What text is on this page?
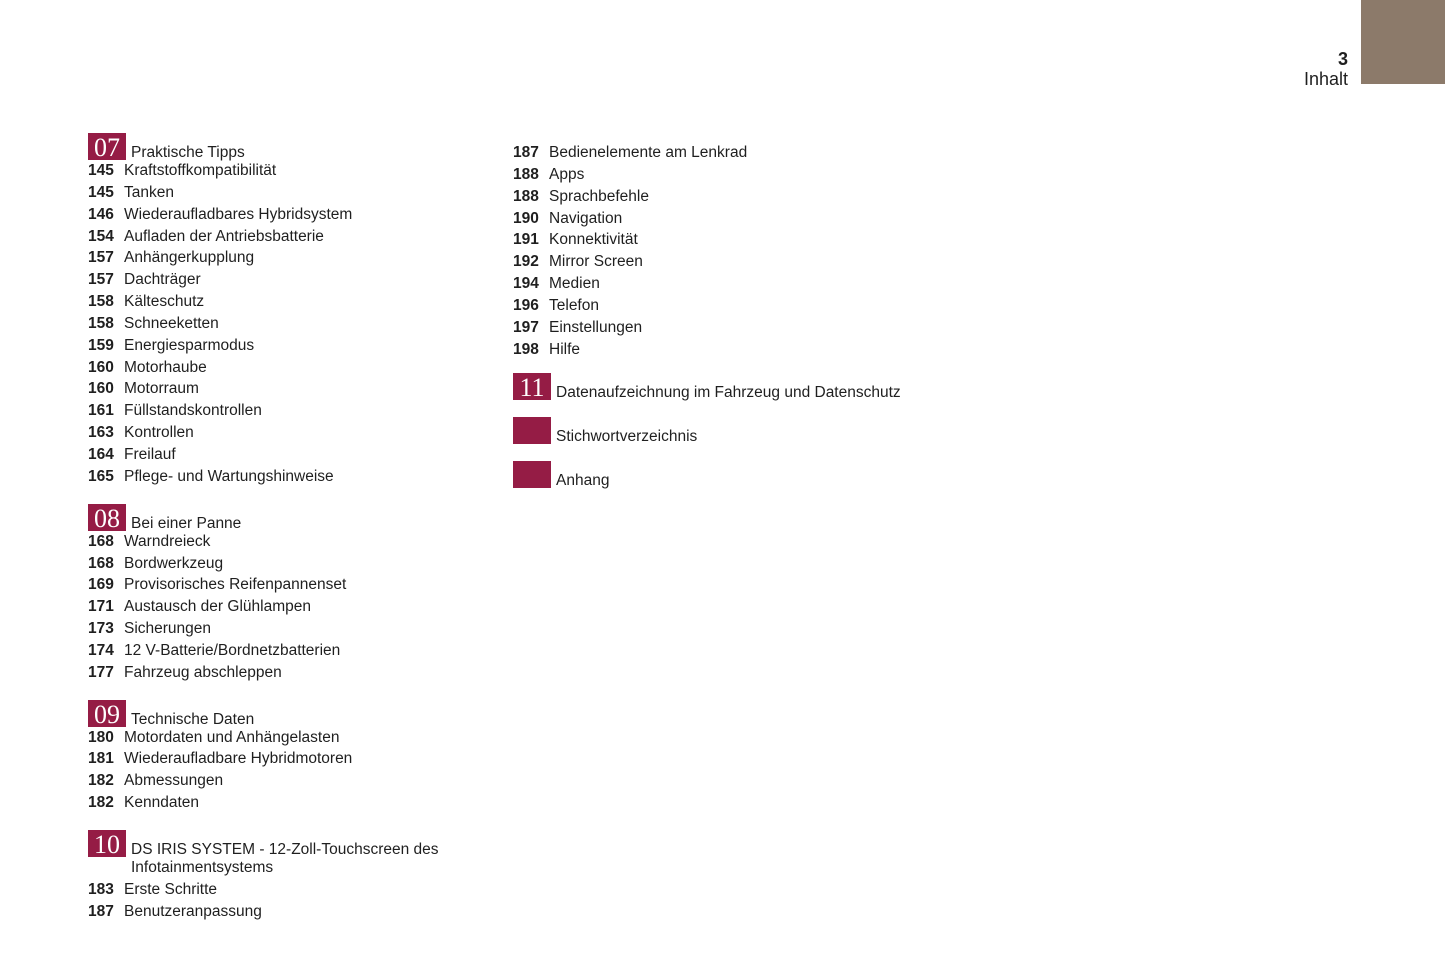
3
Inhalt
07 Praktische Tipps
145 Kraftstoffkompatibilität
145 Tanken
146 Wiederaufladbares Hybridsystem
154 Aufladen der Antriebsbatterie
157 Anhängerkupplung
157 Dachträger
158 Kälteschutz
158 Schneeketten
159 Energiesparmodus
160 Motorhaube
160 Motorraum
161 Füllstandskontrollen
163 Kontrollen
164 Freilauf
165 Pflege- und Wartungshinweise
08 Bei einer Panne
168 Warndreieck
168 Bordwerkzeug
169 Provisorisches Reifenpannenset
171 Austausch der Glühlampen
173 Sicherungen
174 12 V-Batterie/Bordnetzbatterien
177 Fahrzeug abschleppen
09 Technische Daten
180 Motordaten und Anhängelasten
181 Wiederaufladbare Hybridmotoren
182 Abmessungen
182 Kenndaten
10 DS IRIS SYSTEM - 12-Zoll-Touchscreen des
Infotainmentsystems
183 Erste Schritte
187 Benutzeranpassung
187 Bedienelemente am Lenkrad
188 Apps
188 Sprachbefehle
190 Navigation
191 Konnektivität
192 Mirror Screen
194 Medien
196 Telefon
197 Einstellungen
198 Hilfe
11 Datenaufzeichnung im Fahrzeug und Datenschutz
Stichwortverzeichnis
Anhang
